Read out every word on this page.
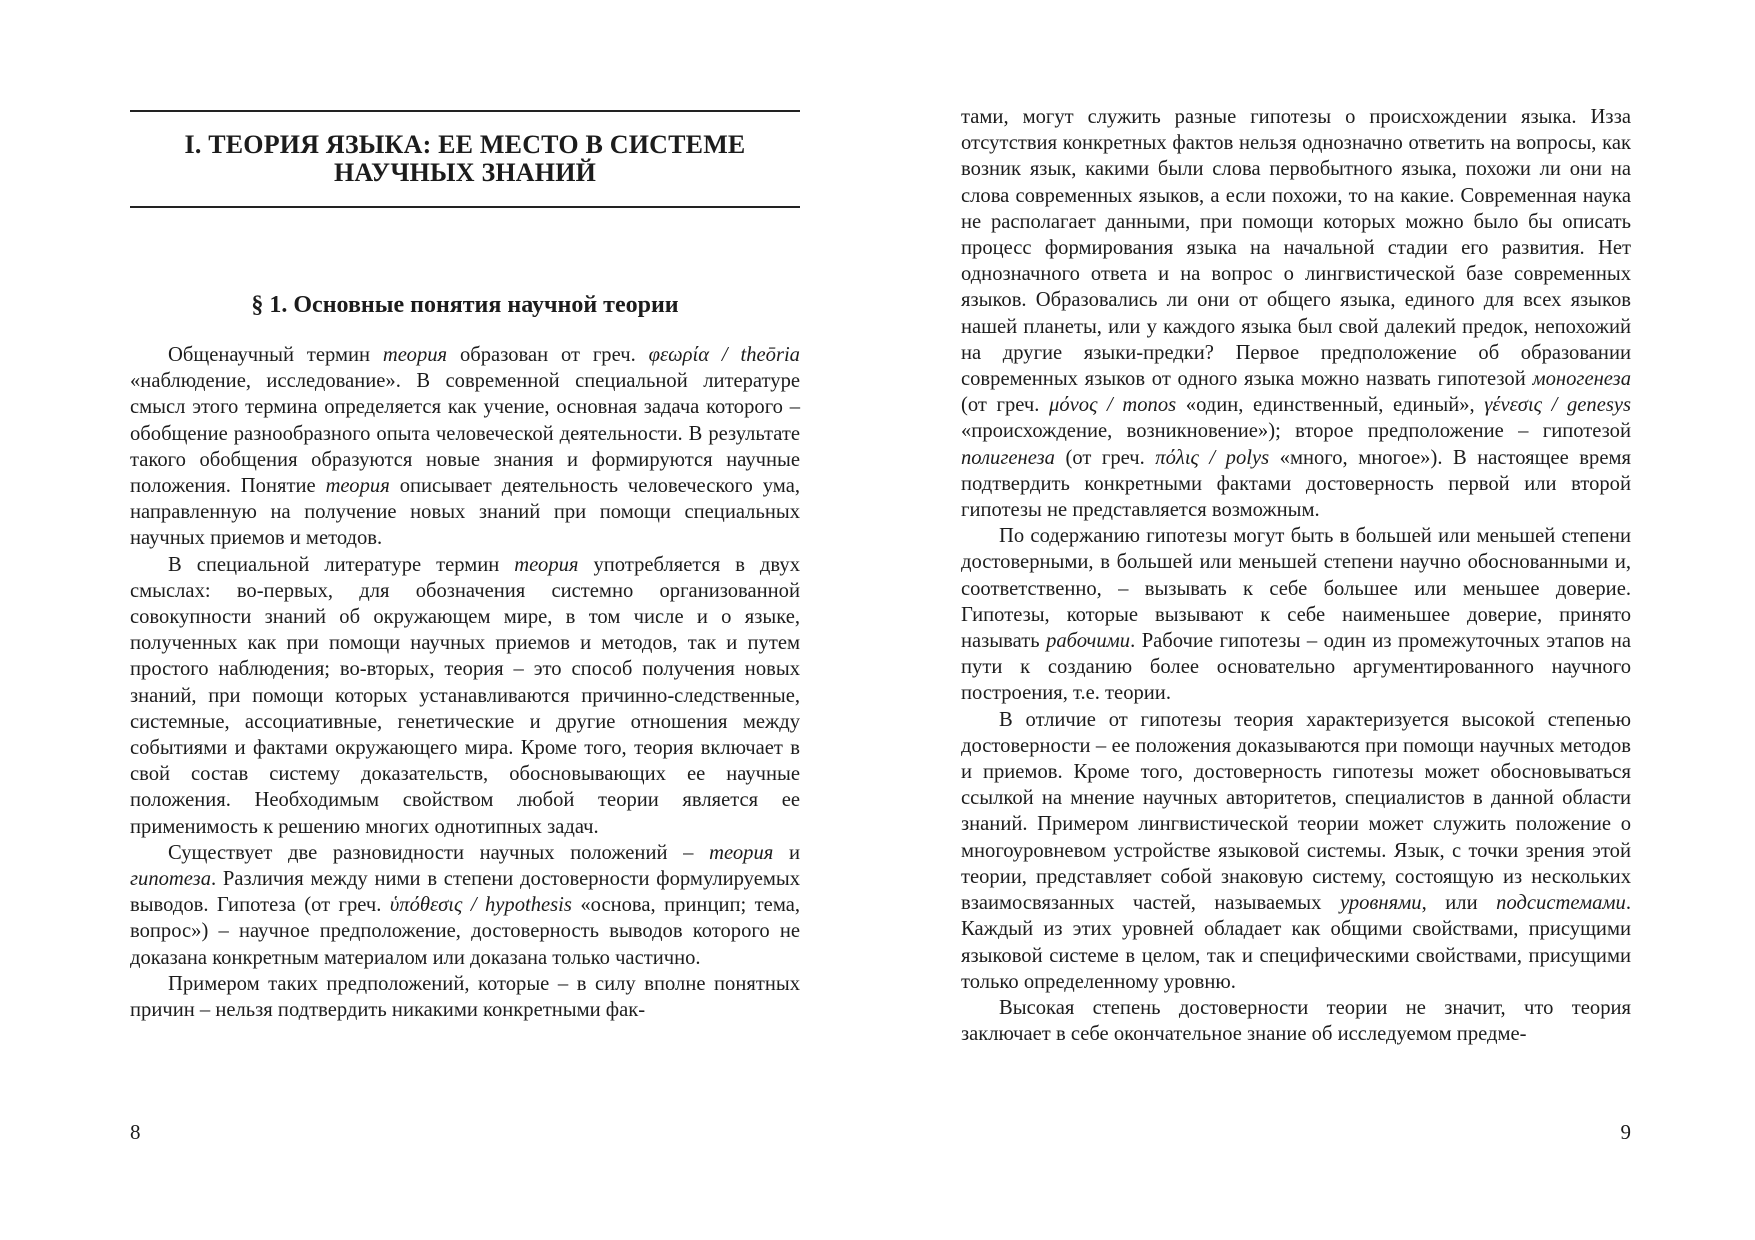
I. ТЕОРИЯ ЯЗЫКА: ЕЕ МЕСТО В СИСТЕМЕ
НАУЧНЫХ ЗНАНИЙ
§ 1. Основные понятия научной теории

Общенаучный термин теория образован от греч. φεωρία / theōria «наблюдение, исследование». В современной специальной литературе смысл этого термина определяется как учение, основная задача которого – обобщение разнообразного опыта человеческой деятельности. В результате такого обобщения образуются новые знания и формируются научные положения. Понятие теория описывает деятельность человеческого ума, направленную на получение новых знаний при помощи специальных научных приемов и методов.

В специальной литературе термин теория употребляется в двух смыслах: во-первых, для обозначения системно организованной совокупности знаний об окружающем мире, в том числе и о языке, полученных как при помощи научных приемов и методов, так и путем простого наблюдения; во-вторых, теория – это способ получения новых знаний, при помощи которых устанавливаются причинно-следственные, системные, ассоциативные, генетические и другие отношения между событиями и фактами окружающего мира. Кроме того, теория включает в свой состав систему доказательств, обосновывающих ее научные положения. Необходимым свойством любой теории является ее применимость к решению многих однотипных задач.

Существует две разновидности научных положений – теория и гипотеза. Различия между ними в степени достоверности формулируемых выводов. Гипотеза (от греч. ὑπόθεσις / hypothesis «основа, принцип; тема, вопрос») – научное предположение, достоверность выводов которого не доказана конкретным материалом или доказана только частично.

Примером таких предположений, которые – в силу вполне понятных причин – нельзя подтвердить никакими конкретными фак-

8

тами, могут служить разные гипотезы о происхождении языка. Изза отсутствия конкретных фактов нельзя однозначно ответить на вопросы, как возник язык, какими были слова первобытного языка, похожи ли они на слова современных языков, а если похожи, то на какие. Современная наука не располагает данными, при помощи которых можно было бы описать процесс формирования языка на начальной стадии его развития. Нет однозначного ответа и на вопрос о лингвистической базе современных языков. Образовались ли они от общего языка, единого для всех языков нашей планеты, или у каждого языка был свой далекий предок, непохожий на другие языки-предки? Первое предположение об образовании современных языков от одного языка можно назвать гипотезой моногенеза (от греч. μόνος / monos «один, единственный, единый», γένεσις / genesys «происхождение, возникновение»); второе предположение – гипотезой полигенеза (от греч. πόλις / polys «много, многое»). В настоящее время подтвердить конкретными фактами достоверность первой или второй гипотезы не представляется возможным.

По содержанию гипотезы могут быть в большей или меньшей степени достоверными, в большей или меньшей степени научно обоснованными и, соответственно, – вызывать к себе большее или меньшее доверие. Гипотезы, которые вызывают к себе наименьшее доверие, принято называть рабочими. Рабочие гипотезы – один из промежуточных этапов на пути к созданию более основательно аргументированного научного построения, т.е. теории.

В отличие от гипотезы теория характеризуется высокой степенью достоверности – ее положения доказываются при помощи научных методов и приемов. Кроме того, достоверность гипотезы может обосновываться ссылкой на мнение научных авторитетов, специалистов в данной области знаний. Примером лингвистической теории может служить положение о многоуровневом устройстве языковой системы. Язык, с точки зрения этой теории, представляет собой знаковую систему, состоящую из нескольких взаимосвязанных частей, называемых уровнями, или подсистемами. Каждый из этих уровней обладает как общими свойствами, присущими языковой системе в целом, так и специфическими свойствами, присущими только определенному уровню.

Высокая степень достоверности теории не значит, что теория заключает в себе окончательное знание об исследуемом предме-

9
